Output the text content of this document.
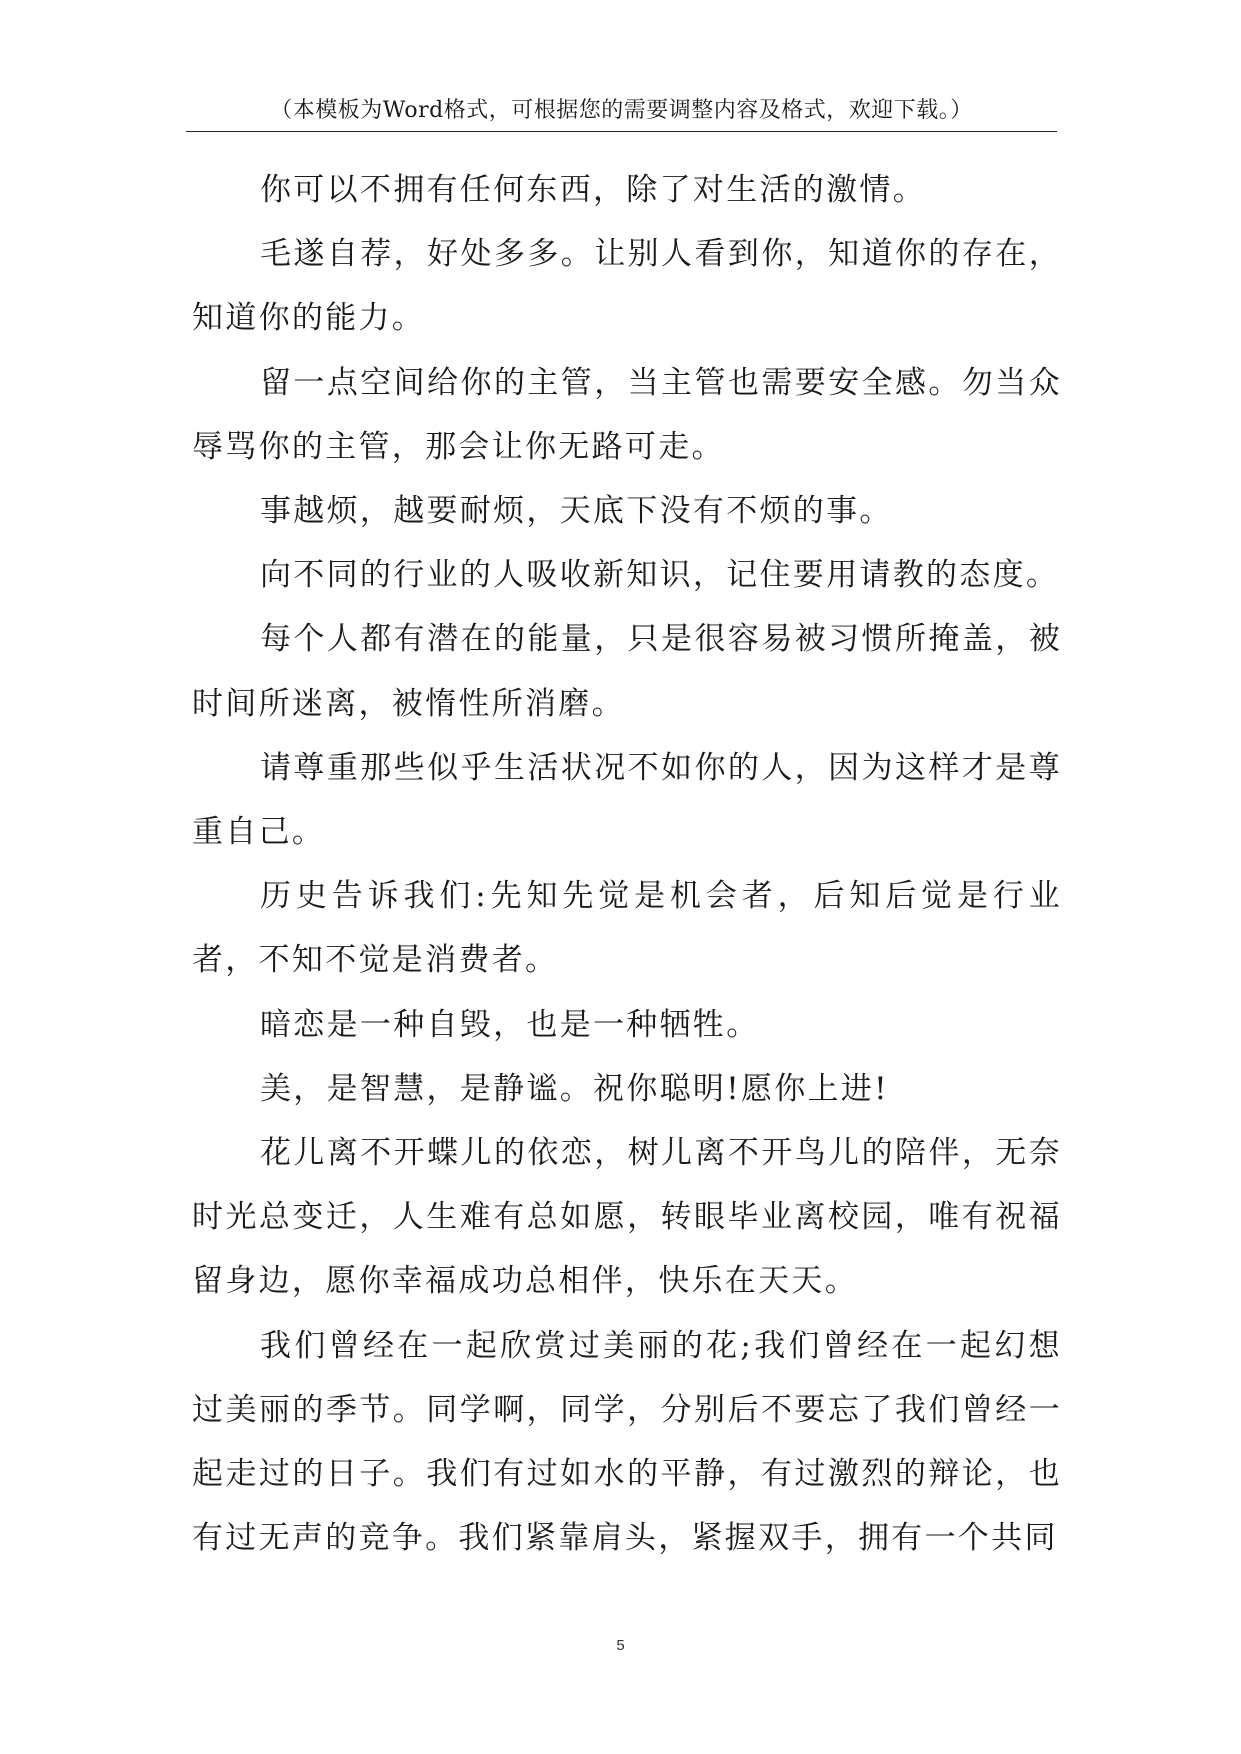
（本模板为Word格式，可根据您的需要调整内容及格式，欢迎下载。）

你可以不拥有任何东西，除了对生活的激情。

毛遂自荐，好处多多。让别人看到你，知道你的存在，知道你的能力。

留一点空间给你的主管，当主管也需要安全感。勿当众辱骂你的主管，那会让你无路可走。

事越烦，越要耐烦，天底下没有不烦的事。

向不同的行业的人吸收新知识，记住要用请教的态度。

每个人都有潜在的能量，只是很容易被习惯所掩盖，被时间所迷离，被惰性所消磨。

请尊重那些似乎生活状况不如你的人，因为这样才是尊重自己。

历史告诉我们:先知先觉是机会者，后知后觉是行业者，不知不觉是消费者。

暗恋是一种自毁，也是一种牺牲。

美，是智慧，是静谧。祝你聪明!愿你上进!

花儿离不开蝶儿的依恋，树儿离不开鸟儿的陪伴，无奈时光总变迁，人生难有总如愿，转眼毕业离校园，唯有祝福留身边，愿你幸福成功总相伴，快乐在天天。

我们曾经在一起欣赏过美丽的花;我们曾经在一起幻想过美丽的季节。同学啊，同学，分别后不要忘了我们曾经一起走过的日子。我们有过如水的平静，有过激烈的辩论，也有过无声的竞争。我们紧靠肩头，紧握双手，拥有一个共同

5
